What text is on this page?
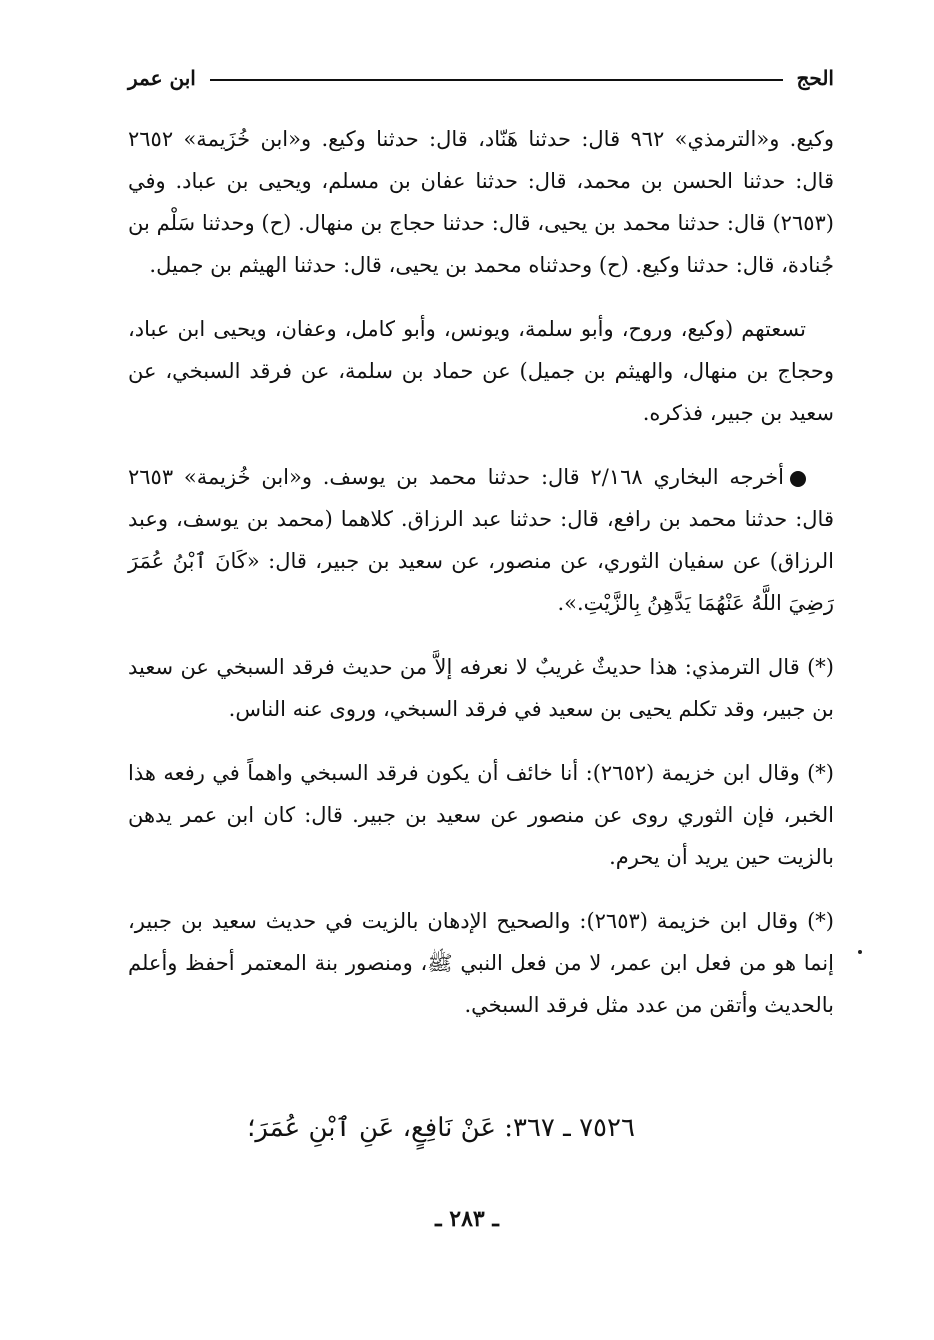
الحج
ابن عمر

وكيع. و«الترمذي» ٩٦٢ قال: حدثنا هَنّاد، قال: حدثنا وكيع. و«ابن خُزَيمة» ٢٦٥٢ قال: حدثنا الحسن بن محمد، قال: حدثنا عفان بن مسلم، ويحيى بن عباد. وفي (٢٦٥٣) قال: حدثنا محمد بن يحيى، قال: حدثنا حجاج بن منهال. (ح) وحدثنا سَلْم بن جُنادة، قال: حدثنا وكيع. (ح) وحدثناه محمد بن يحيى، قال: حدثنا الهيثم بن جميل.

تسعتهم (وكيع، وروح، وأبو سلمة، ويونس، وأبو كامل، وعفان، ويحيى ابن عباد، وحجاج بن منهال، والهيثم بن جميل) عن حماد بن سلمة، عن فرقد السبخي، عن سعيد بن جبير، فذكره.

أخرجه البخاري ٢/١٦٨ قال: حدثنا محمد بن يوسف. و«ابن خُزيمة» ٢٦٥٣ قال: حدثنا محمد بن رافع، قال: حدثنا عبد الرزاق. كلاهما (محمد بن يوسف، وعبد الرزاق) عن سفيان الثوري، عن منصور، عن سعيد بن جبير، قال: «كَانَ ٱبْنُ عُمَرَ رَضِيَ اللَّهُ عَنْهُمَا يَدَّهِنُ بِالزَّيْتِ.».

(*) قال الترمذي: هذا حديثٌ غريبٌ لا نعرفه إلاَّ من حديث فرقد السبخي عن سعيد بن جبير، وقد تكلم يحيى بن سعيد في فرقد السبخي، وروى عنه الناس.

(*) وقال ابن خزيمة (٢٦٥٢): أنا خائف أن يكون فرقد السبخي واهماً في رفعه هذا الخبر، فإن الثوري روى عن منصور عن سعيد بن جبير. قال: كان ابن عمر يدهن بالزيت حين يريد أن يحرم.

(*) وقال ابن خزيمة (٢٦٥٣): والصحيح الإدهان بالزيت في حديث سعيد بن جبير، إنما هو من فعل ابن عمر، لا من فعل النبي ﷺ، ومنصور بنة المعتمر أحفظ وأعلم بالحديث وأتقن من عدد مثل فرقد السبخي.

٧٥٢٦ ـ ٣٦٧: عَنْ نَافِعٍ، عَنِ ٱبْنِ عُمَرَ؛
ـ ٢٨٣ ـ
